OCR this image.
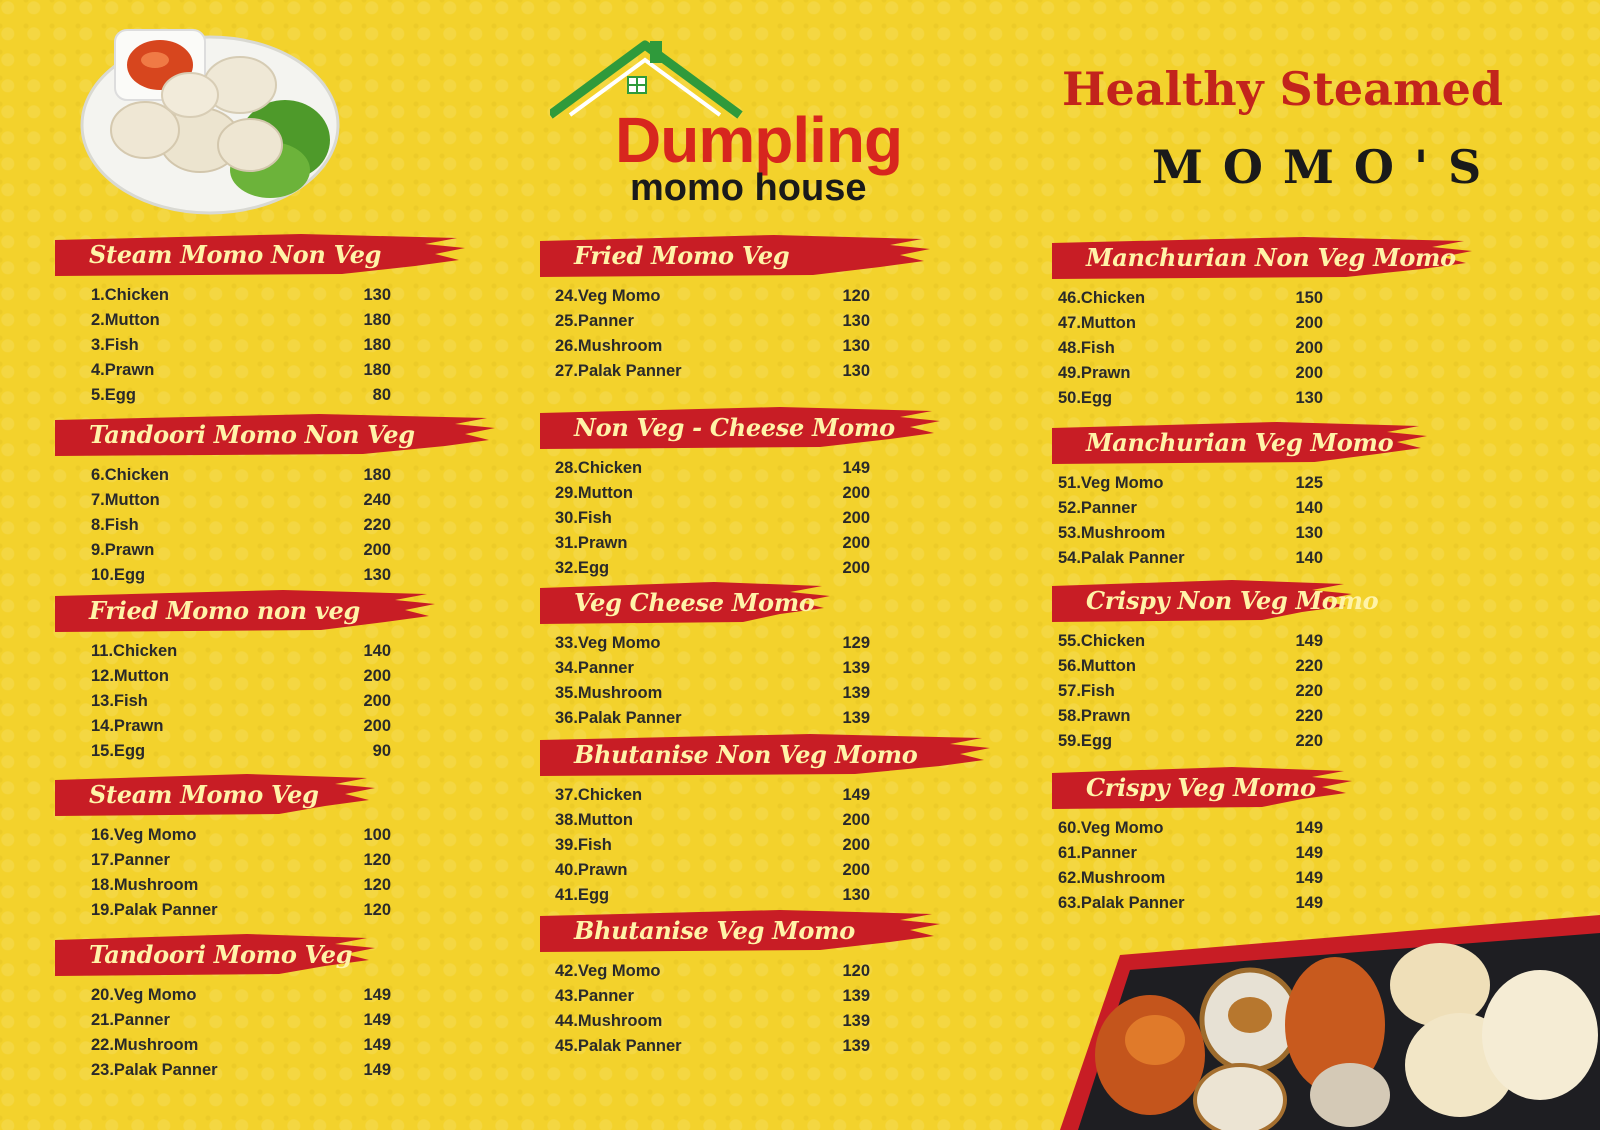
Dumpling
momo house
Healthy Steamed
MOMO'S
Steam Momo Non Veg
1.Chicken	130
2.Mutton	180
3.Fish	180
4.Prawn	180
5.Egg	80
Tandoori Momo Non Veg
6.Chicken	180
7.Mutton	240
8.Fish	220
9.Prawn	200
10.Egg	130
Fried Momo non veg
11.Chicken	140
12.Mutton	200
13.Fish	200
14.Prawn	200
15.Egg	90
Steam Momo Veg
16.Veg Momo	100
17.Panner	120
18.Mushroom	120
19.Palak Panner	120
Tandoori Momo Veg
20.Veg Momo	149
21.Panner	149
22.Mushroom	149
23.Palak Panner	149
Fried Momo Veg
24.Veg Momo	120
25.Panner	130
26.Mushroom	130
27.Palak Panner	130
Non Veg - Cheese Momo
28.Chicken	149
29.Mutton	200
30.Fish	200
31.Prawn	200
32.Egg	200
Veg Cheese Momo
33.Veg Momo	129
34.Panner	139
35.Mushroom	139
36.Palak Panner	139
Bhutanise Non Veg Momo
37.Chicken	149
38.Mutton	200
39.Fish	200
40.Prawn	200
41.Egg	130
Bhutanise Veg Momo
42.Veg Momo	120
43.Panner	139
44.Mushroom	139
45.Palak Panner	139
Manchurian Non Veg Momo
46.Chicken	150
47.Mutton	200
48.Fish	200
49.Prawn	200
50.Egg	130
Manchurian Veg Momo
51.Veg Momo	125
52.Panner	140
53.Mushroom	130
54.Palak Panner	140
Crispy Non Veg Momo
55.Chicken	149
56.Mutton	220
57.Fish	220
58.Prawn	220
59.Egg	220
Crispy Veg Momo
60.Veg Momo	149
61.Panner	149
62.Mushroom	149
63.Palak Panner	149
